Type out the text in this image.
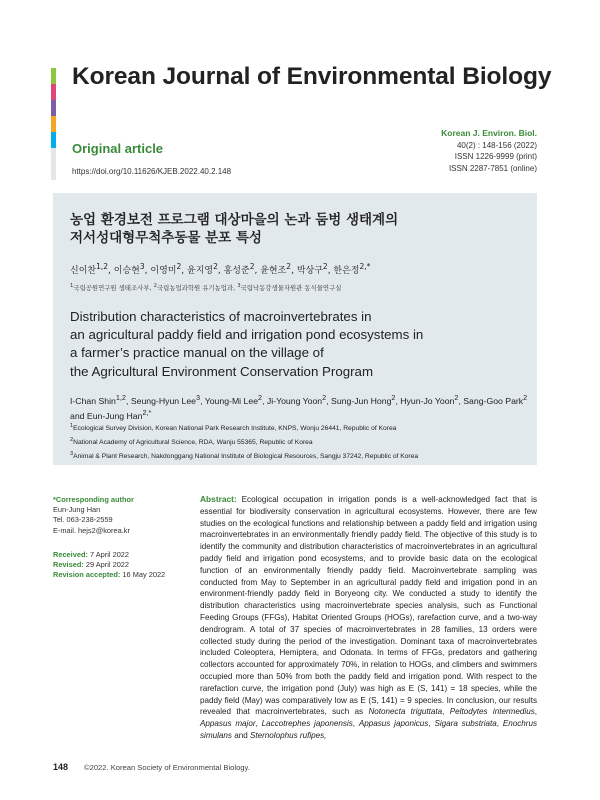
Korean Journal of Environmental Biology
Original article
https://doi.org/10.11626/KJEB.2022.40.2.148
Korean J. Environ. Biol.
40(2) : 148-156 (2022)
ISSN 1226-9999 (print)
ISSN 2287-7851 (online)
농업 환경보전 프로그램 대상마을의 논과 둠벙 생태계의
저서성대형무척추동물 분포 특성
신이찬$^{1,2}$, 이승현$^3$, 이영미$^2$, 윤지영$^2$, 홍성준$^2$, 윤현조$^2$, 박상구$^2$, 한은정$^{2,*}$
$^1$국립공원연구원 생태조사부, $^2$국립농업과학원 유기농업과, $^3$국립낙동강생물자원관 동식물연구실
Distribution characteristics of macroinvertebrates in
an agricultural paddy field and irrigation pond ecosystems in
a farmer’s practice manual on the village of
the Agricultural Environment Conservation Program
I-Chan Shin$^{1,2}$, Seung-Hyun Lee$^3$, Young-Mi Lee$^2$, Ji-Young Yoon$^2$, Sung-Jun Hong$^2$, Hyun-Jo Yoon$^2$, Sang-Goo Park$^2$ and Eun-Jung Han$^{2,*}$
$^1$Ecological Survey Division, Korean National Park Research Institute, KNPS, Wonju 26441, Republic of Korea
$^2$National Academy of Agricultural Science, RDA, Wanju 55365, Republic of Korea
$^3$Animal & Plant Research, Nakdonggang National Institute of Biological Resources, Sangju 37242, Republic of Korea
*Corresponding author
Eun-Jung Han
Tel. 063-238-2559
E-mail. hejs2@korea.kr
Received: 7 April 2022
Revised: 29 April 2022
Revision accepted: 16 May 2022

Abstract: Ecological occupation in irrigation ponds is a well-acknowledged fact that is essential for biodiversity conservation in agricultural ecosystems. However, there are few studies on the ecological functions and relationship between a paddy field and irrigation using macroinvertebrates in an environmentally friendly paddy field. The objective of this study is to identify the community and distribution characteristics of macroinvertebrates in an agricultural paddy field and irrigation pond ecosystems, and to provide basic data on the ecological function of an environmentally friendly paddy field. Macroinvertebrate sampling was conducted from May to September in an agricultural paddy field and irrigation pond in an environment-friendly paddy field in Boryeong city. We conducted a study to identify the distribution characteristics using macroinvertebrate species analysis, such as Functional Feeding Groups (FFGs), Habitat Oriented Groups (HOGs), rarefaction curve, and a two-way dendrogram. A total of 37 species of macroinvertebrates in 28 families, 13 orders were collected study during the period of the investigation. Dominant taxa of macroinvertebrates included Coleoptera, Hemiptera, and Odonata. In terms of FFGs, predators and gathering collectors accounted for approximately 70%, in relation to HOGs, and climbers and swimmers occupied more than 50% from both the paddy field and irrigation pond. With respect to the rarefaction curve, the irrigation pond (July) was high as E (S, 141) = 18 species, while the paddy field (May) was comparatively low as E (S, 141) = 9 species. In conclusion, our results revealed that macroinvertebrates, such as Notonecta triguttata, Peltodytes intermedius, Appasus major, Laccotrephes japonensis, Appasus japonicus, Sigara substriata, Enochrus simulans and Sternolophus rufipes,

148 ©2022. Korean Society of Environmental Biology.
